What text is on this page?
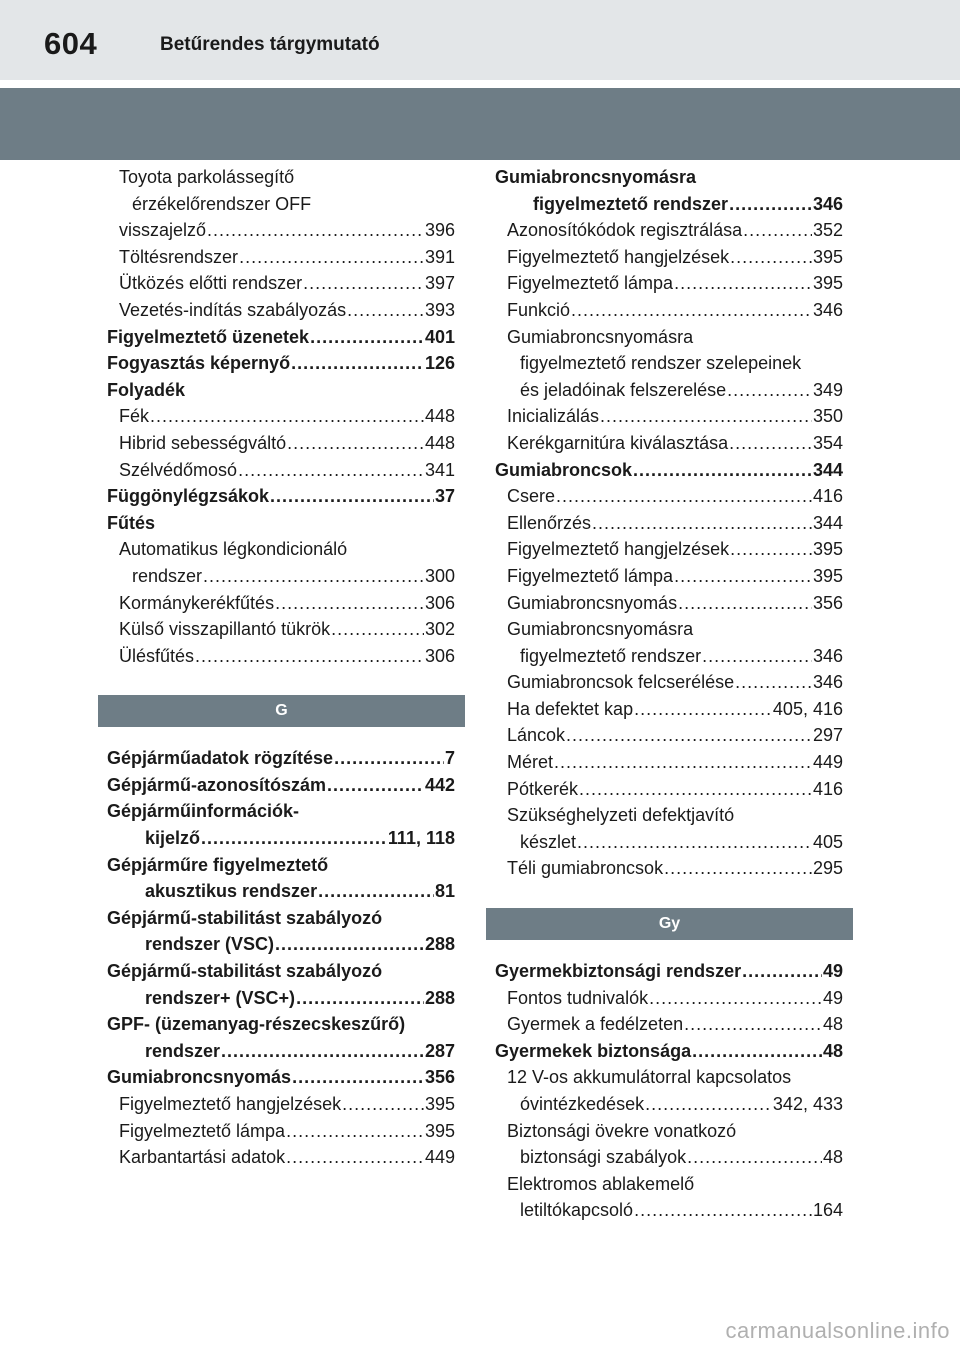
604	Betűrendes tárgymutató
Toyota parkolássegítő
érzékelőrendszer OFF
visszajelző .....	396
Töltésrendszer .....	391
Ütközés előtti rendszer .....	397
Vezetés-indítás szabályozás .....	393
Figyelmeztető üzenetek .....	401
Fogyasztás képernyő .....	126
Folyadék
Fék .....	448
Hibrid sebességváltó .....	448
Szélvédőmosó .....	341
Függönylégzsákok .....	37
Fűtés
Automatikus légkondicionáló
rendszer .....	300
Kormánykerékfűtés .....	306
Külső visszapillantó tükrök .....	302
Ülésfűtés .....	306
G
Gépjárműadatok rögzítése .....	7
Gépjármű-azonosítószám .....	442
Gépjárműinformációk-
kijelző .....	111, 118
Gépjárműre figyelmeztető
akusztikus rendszer .....	81
Gépjármű-stabilitást szabályozó
rendszer (VSC) .....	288
Gépjármű-stabilitást szabályozó
rendszer+ (VSC+) .....	288
GPF- (üzemanyag-részecskeszűrő)
rendszer .....	287
Gumiabroncsnyomás .....	356
Figyelmeztető hangjelzések .....	395
Figyelmeztető lámpa .....	395
Karbantartási adatok .....	449
Gumiabroncsnyomásra
figyelmeztető rendszer .....	346
Azonosítókódok regisztrálása .....	352
Figyelmeztető hangjelzések .....	395
Figyelmeztető lámpa .....	395
Funkció .....	346
Gumiabroncsnyomásra
figyelmeztető rendszer szelepeinek
és jeladóinak felszerelése .....	349
Inicializálás .....	350
Kerékgarnitúra kiválasztása .....	354
Gumiabroncsok .....	344
Csere .....	416
Ellenőrzés .....	344
Figyelmeztető hangjelzések .....	395
Figyelmeztető lámpa .....	395
Gumiabroncsnyomás .....	356
Gumiabroncsnyomásra
figyelmeztető rendszer .....	346
Gumiabroncsok felcserélése .....	346
Ha defektet kap .....	405, 416
Láncok .....	297
Méret .....	449
Pótkerék .....	416
Szükséghelyzeti defektjavító
készlet .....	405
Téli gumiabroncsok .....	295
Gy
Gyermekbiztonsági rendszer .....	49
Fontos tudnivalók .....	49
Gyermek a fedélzeten .....	48
Gyermekek biztonsága .....	48
12 V-os akkumulátorral kapcsolatos
óvintézkedések .....	342, 433
Biztonsági övekre vonatkozó
biztonsági szabályok .....	48
Elektromos ablakemelő
letiltókapcsoló .....	164
carmanualsonline.info
